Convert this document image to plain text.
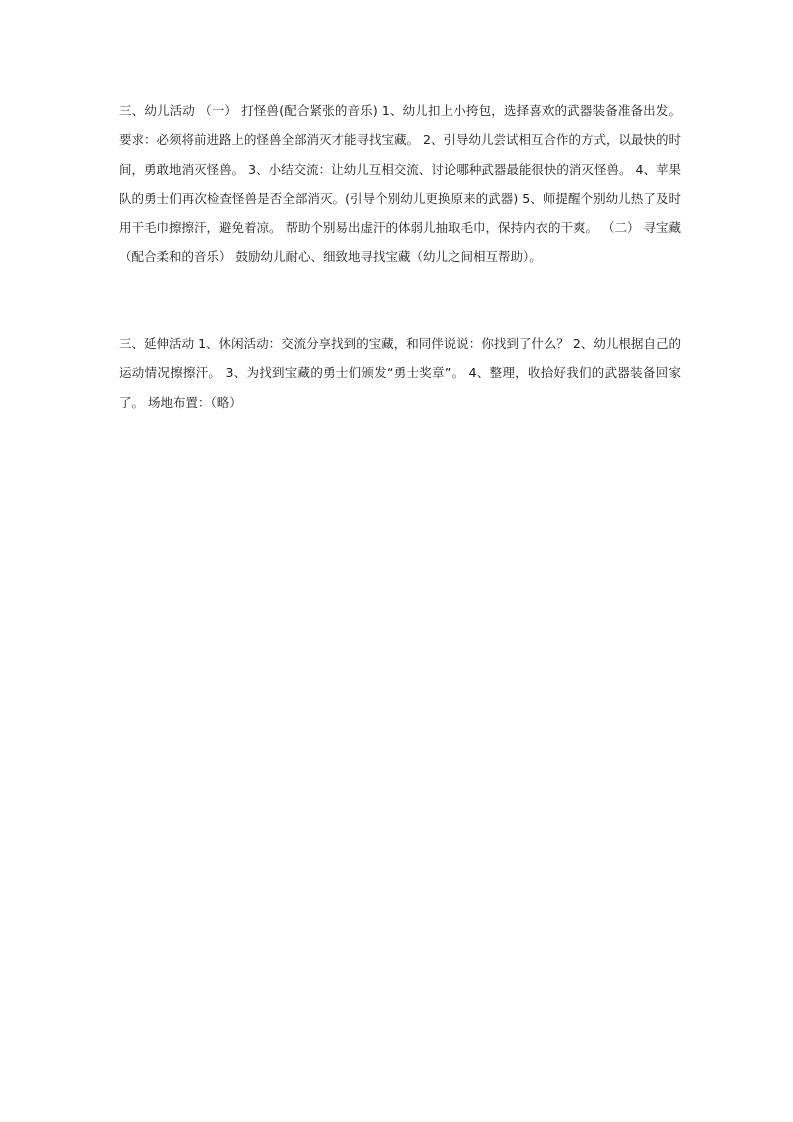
三、幼儿活动 （一） 打怪兽(配合紧张的音乐) 1、幼儿扣上小挎包，选择喜欢的武器装备准备出发。 要求：必须将前进路上的怪兽全部消灭才能寻找宝藏。 2、引导幼儿尝试相互合作的方式，以最快的时间，勇敢地消灭怪兽。 3、小结交流：让幼儿互相交流、讨论哪种武器最能很快的消灭怪兽。 4、苹果队的勇士们再次检查怪兽是否全部消灭。(引导个别幼儿更换原来的武器) 5、师提醒个别幼儿热了及时用干毛巾擦擦汗，避免着凉。 帮助个别易出虚汗的体弱儿抽取毛巾，保持内衣的干爽。 （二） 寻宝藏（配合柔和的音乐） 鼓励幼儿耐心、细致地寻找宝藏（幼儿之间相互帮助）。

三、延伸活动 1、休闲活动：交流分享找到的宝藏，和同伴说说：你找到了什么？ 2、幼儿根据自己的运动情况擦擦汗。 3、为找到宝藏的勇士们颁发“勇士奖章”。 4、整理，收拾好我们的武器装备回家了。 场地布置：（略）
